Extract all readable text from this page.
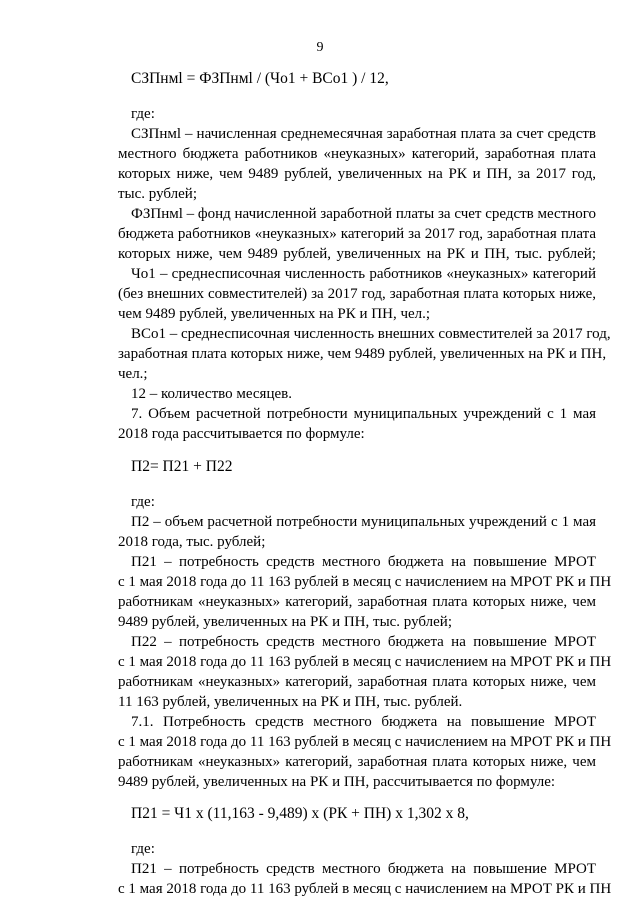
9
СЗПнмl = ФЗПнмl / (Чо1 + ВСо1 ) / 12,
где:
СЗПнмl – начисленная среднемесячная заработная плата за счет средств
местного бюджета работников «неуказных» категорий, заработная плата
которых ниже, чем 9489 рублей, увеличенных на РК и ПН, за 2017 год,
тыс. рублей;
ФЗПнмl – фонд начисленной заработной платы за счет средств местного
бюджета работников «неуказных» категорий за 2017 год, заработная плата
которых ниже, чем 9489 рублей, увеличенных на РК и ПН, тыс. рублей;
Чо1 – среднесписочная численность работников «неуказных» категорий
(без внешних совместителей) за 2017 год, заработная плата которых ниже,
чем 9489 рублей, увеличенных на РК и ПН, чел.;
ВСо1 – среднесписочная численность внешних совместителей за 2017 год,
заработная плата которых ниже, чем 9489 рублей, увеличенных на РК и ПН,
чел.;
12 – количество месяцев.
7. Объем расчетной потребности муниципальных учреждений с 1 мая
2018 года рассчитывается по формуле:
П2= П21 + П22
где:
П2 – объем расчетной потребности муниципальных учреждений с 1 мая
2018 года, тыс. рублей;
П21 – потребность средств местного бюджета на повышение МРОТ
с 1 мая 2018 года до 11 163 рублей в месяц с начислением на МРОТ РК и ПН
работникам «неуказных» категорий, заработная плата которых ниже, чем
9489 рублей, увеличенных на РК и ПН, тыс. рублей;
П22 – потребность средств местного бюджета на повышение МРОТ
с 1 мая 2018 года до 11 163 рублей в месяц с начислением на МРОТ РК и ПН
работникам «неуказных» категорий, заработная плата которых ниже, чем
11 163 рублей, увеличенных на РК и ПН, тыс. рублей.
7.1. Потребность средств местного бюджета на повышение МРОТ
с 1 мая 2018 года до 11 163 рублей в месяц с начислением на МРОТ РК и ПН
работникам «неуказных» категорий, заработная плата которых ниже, чем
9489 рублей, увеличенных на РК и ПН, рассчитывается по формуле:
П21 = Ч1 х (11,163 - 9,489) х (РК + ПН) х 1,302 х 8,
где:
П21 – потребность средств местного бюджета на повышение МРОТ
с 1 мая 2018 года до 11 163 рублей в месяц с начислением на МРОТ РК и ПН
